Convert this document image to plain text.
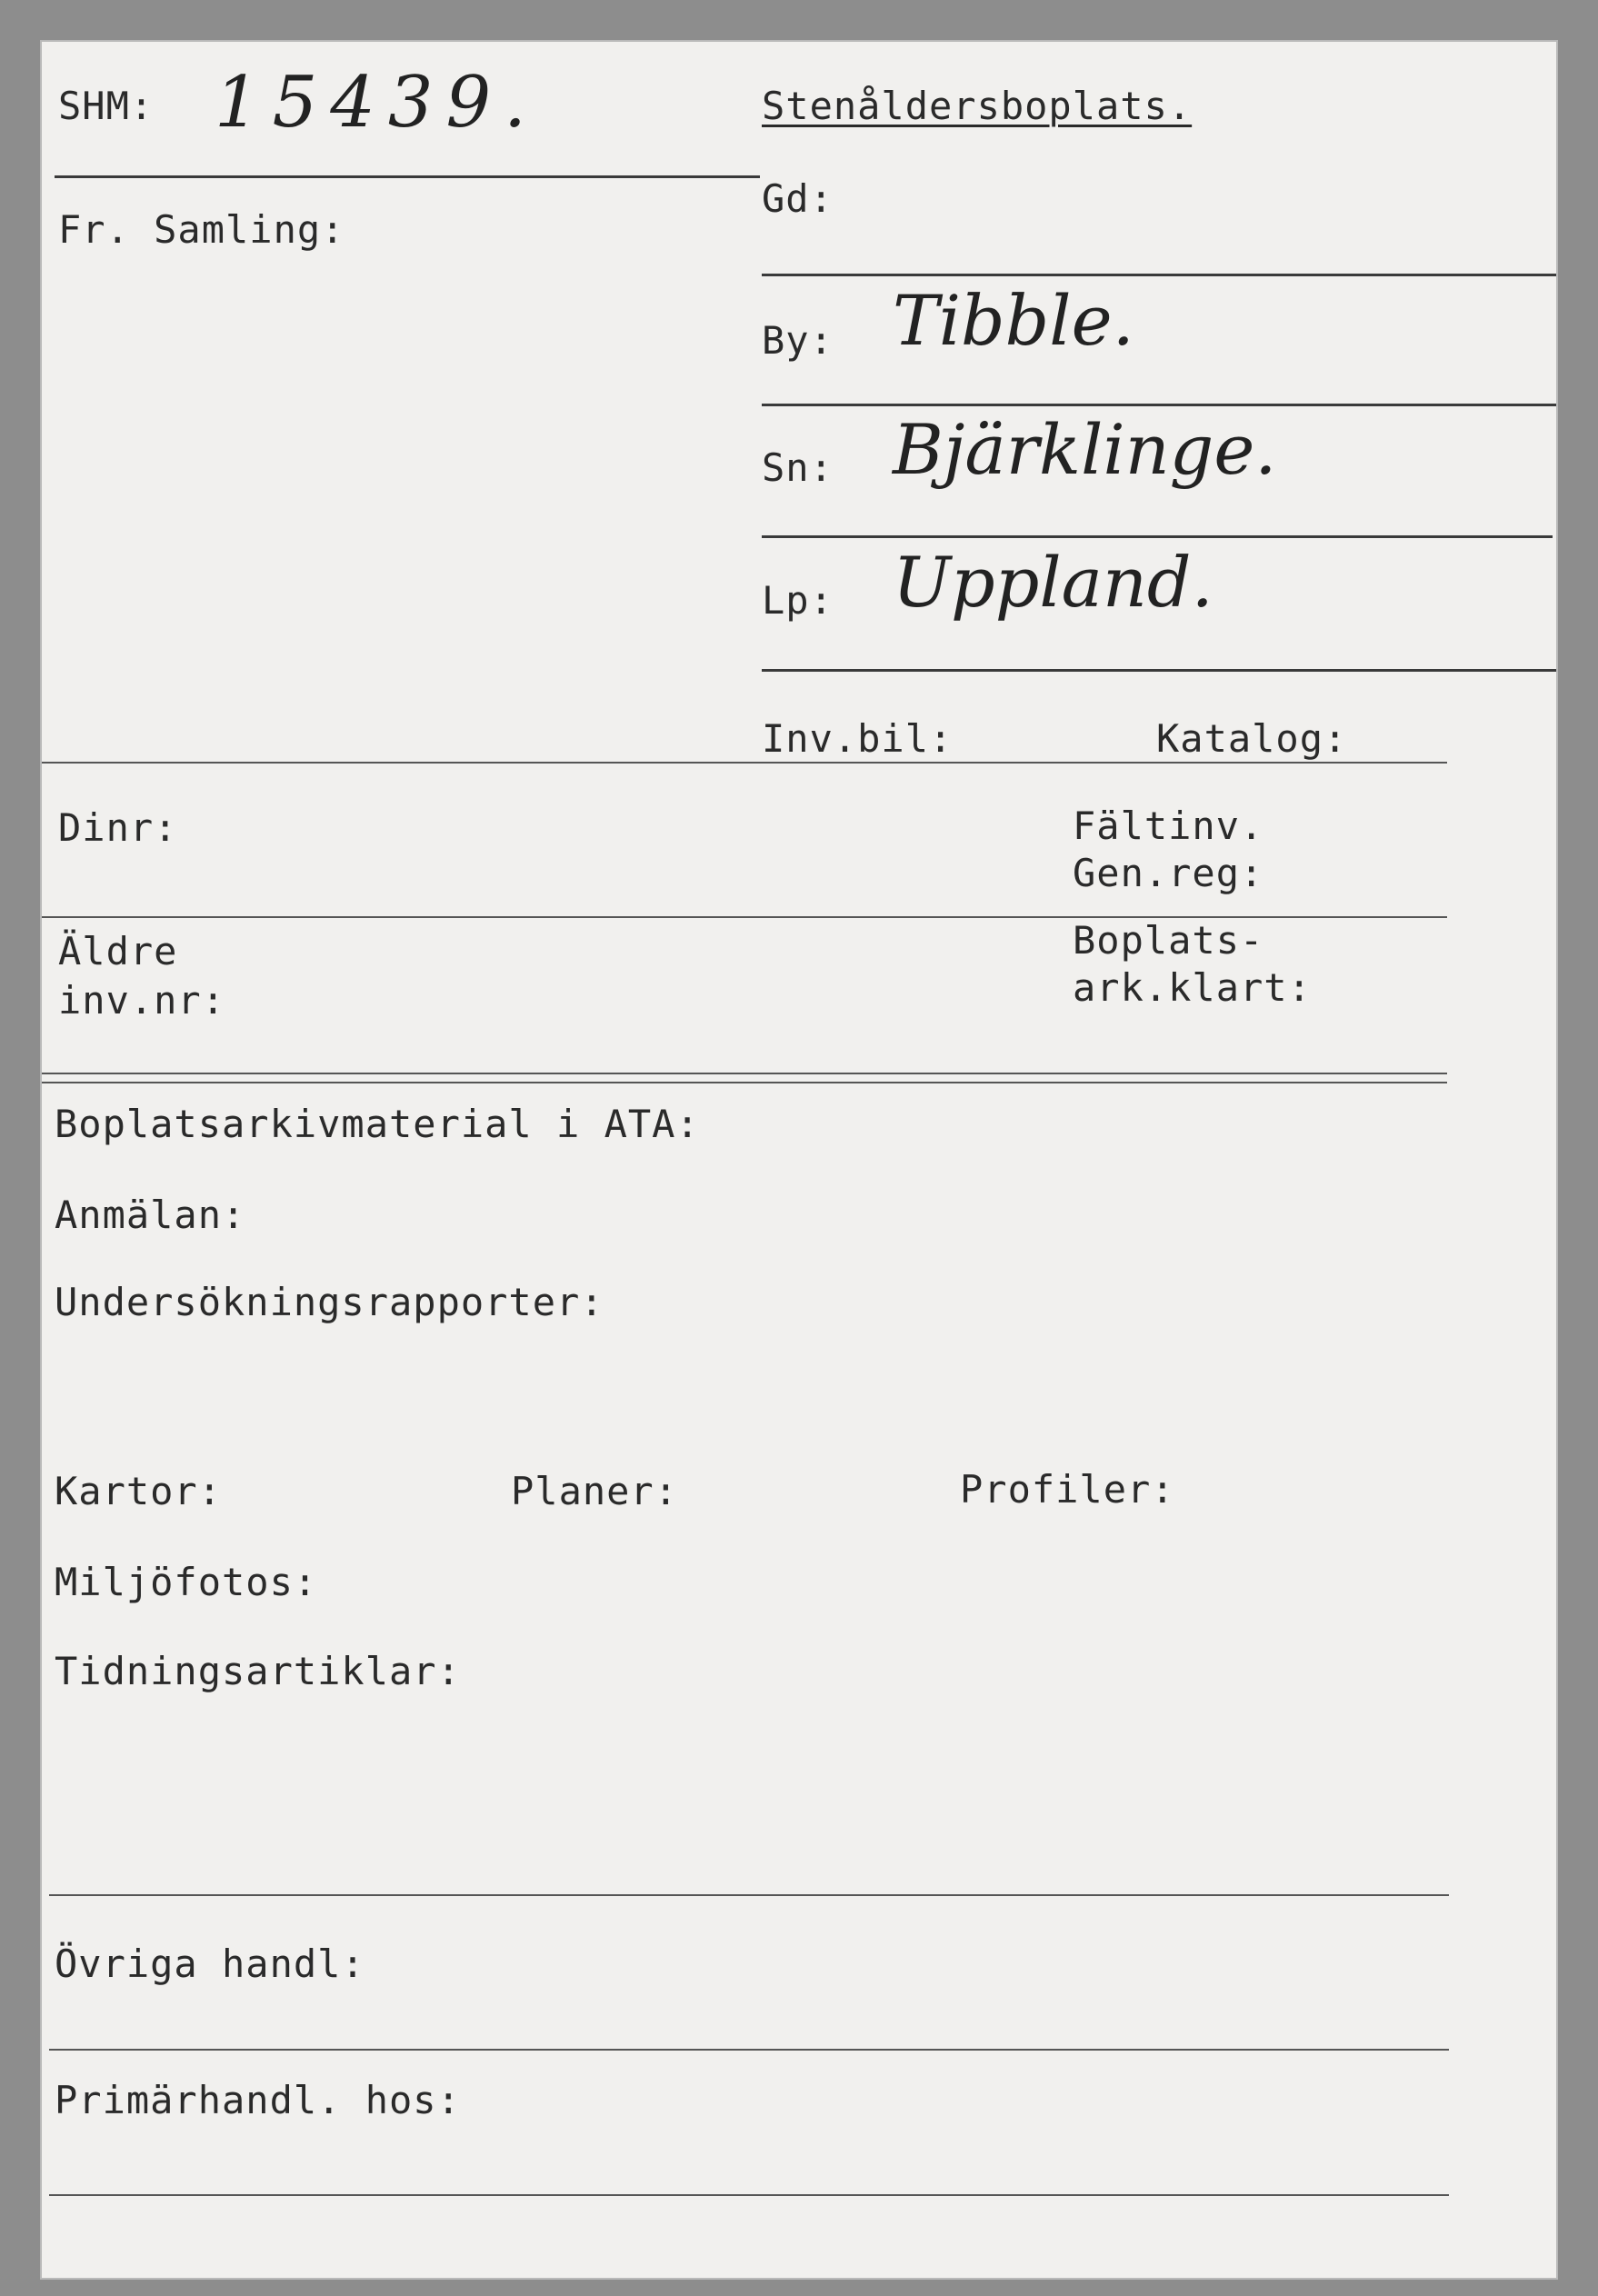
SHM: 15439.
Fr. Samling:
Stenåldersboplats.
Gd:
By: Tibble.
Sn: Bjärklinge.
Lp: Uppland.
Inv.bil:	Katalog:
Dinr:	Fältinv.
Gen.reg:
Äldre
inv.nr:
Boplats-
ark.klart:
Boplatsarkivmaterial i ATA:
Anmälan:
Undersökningsrapporter:
Kartor:	Planer:	Profiler:
Miljöfotos:
Tidningsartiklar:
Övriga handl:
Primärhandl. hos:
